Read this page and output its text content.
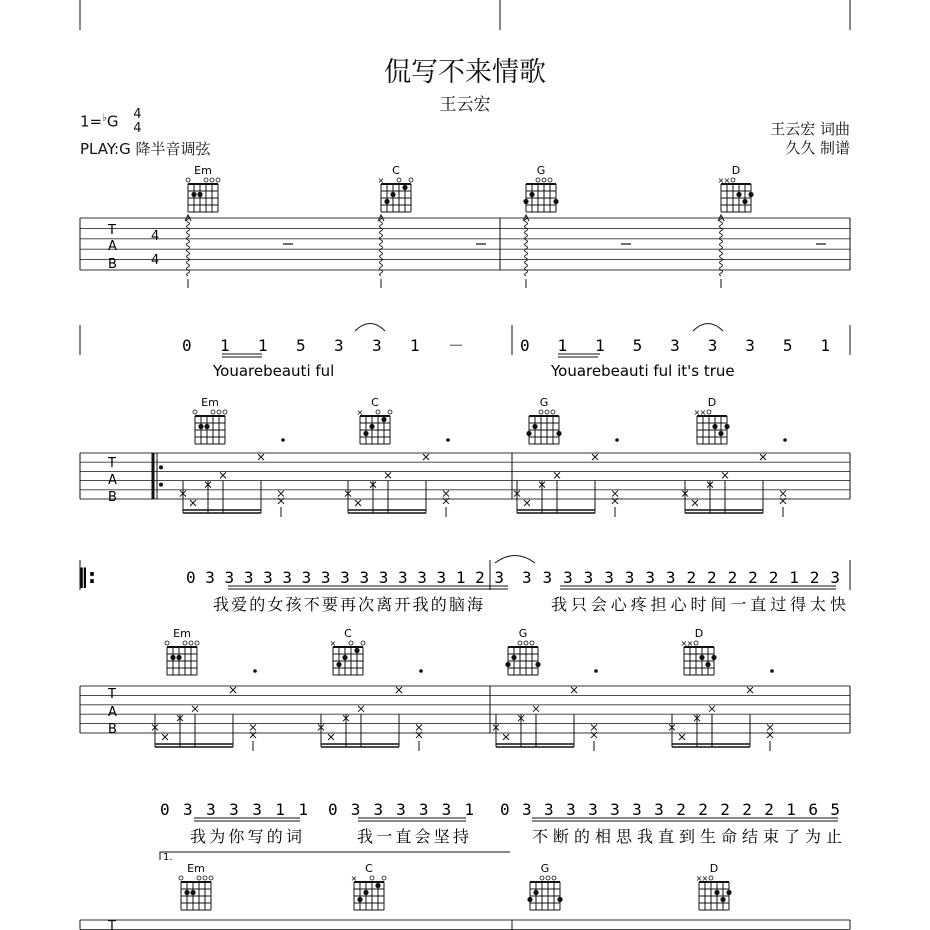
侃写不来情歌
王云宏
1=♭G 4
4
PLAY:G 降半音调弦
王云宏 词曲
久久 制谱
Em	C
×
G	D
× ×
Em	C
×
G	D
× ×
Em	C
×
G	D
× ×
Em	C
×
G	D
× ×
T
A
B
4
4
0 1 1 5 3 3 1 －	0 1 1 5 3 3 3 5 1
Youarebeauti ful	Youarebeauti ful it's true
T
A
B
‖:	0 3 3 3 3 3 3 3 3 3 3 3 3 3 1 2 3 3 3 3 3 3 3 3 3 2 2 2 2 2 1 2 3
我爱的女孩不要再次离开我的脑海	我只会心疼担心时间一直过得太快
T
A
B
0 3 3 3 3 1 1 0 3 3 3 3 3 1 0 3 3 3 3 3 3 3 2 2 2 2 2 1 6 5
我为你写的词	我一直会坚持	不断的相思我直到生命结束了为止
1.
T
